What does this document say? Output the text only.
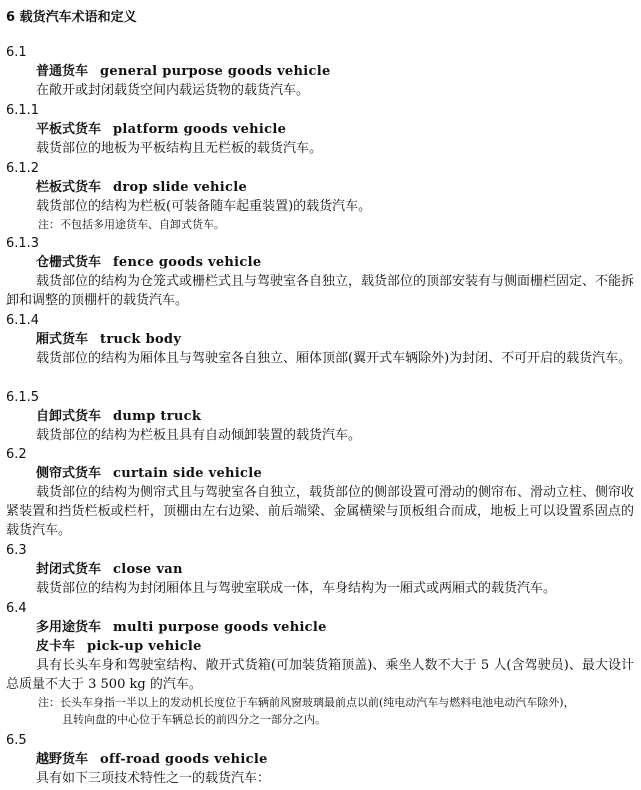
6 载货汽车术语和定义
6.1
普通货车 general purpose goods vehicle
在敞开或封闭载货空间内载运货物的载货汽车。
6.1.1
平板式货车 platform goods vehicle
载货部位的地板为平板结构且无栏板的载货汽车。
6.1.2
栏板式货车 drop slide vehicle
载货部位的结构为栏板(可装备随车起重装置)的载货汽车。
注：不包括多用途货车、自卸式货车。
6.1.3
仓栅式货车 fence goods vehicle
载货部位的结构为仓笼式或栅栏式且与驾驶室各自独立，载货部位的顶部安装有与侧面栅栏固定、不能拆卸和调整的顶棚杆的载货汽车。
6.1.4
厢式货车 truck body
载货部位的结构为厢体且与驾驶室各自独立、厢体顶部(翼开式车辆除外)为封闭、不可开启的载货汽车。
6.1.5
自卸式货车 dump truck
载货部位的结构为栏板且具有自动倾卸装置的载货汽车。
6.2
侧帘式货车 curtain side vehicle
载货部位的结构为侧帘式且与驾驶室各自独立，载货部位的侧部设置可滑动的侧帘布、滑动立柱、侧帘收紧装置和挡货栏板或栏杆，顶棚由左右边梁、前后端梁、金属横梁与顶板组合而成，地板上可以设置系固点的载货汽车。
6.3
封闭式货车 close van
载货部位的结构为封闭厢体且与驾驶室联成一体，车身结构为一厢式或两厢式的载货汽车。
6.4
多用途货车 multi purpose goods vehicle
皮卡车 pick-up vehicle
具有长头车身和驾驶室结构、敞开式货箱(可加装货箱顶盖)、乘坐人数不大于 5 人(含驾驶员)、最大设计总质量不大于 3 500 kg 的汽车。
注：长头车身指一半以上的发动机长度位于车辆前风窗玻璃最前点以前(纯电动汽车与燃料电池电动汽车除外)，
且转向盘的中心位于车辆总长的前四分之一部分之内。
6.5
越野货车 off-road goods vehicle
具有如下三项技术特性之一的载货汽车：
